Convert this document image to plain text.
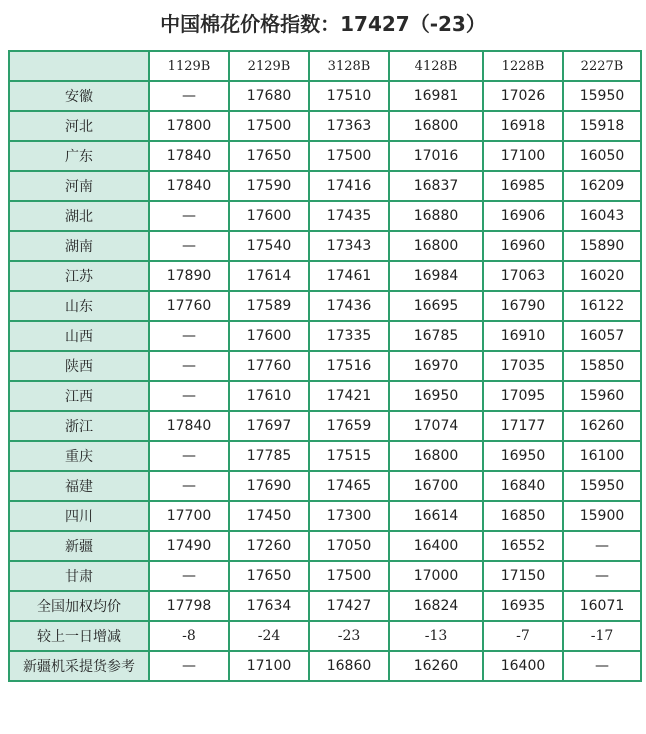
中国棉花价格指数：17427（-23）
	1129B	2129B	3128B	4128B	1228B	2227B
安徽	—	17680	17510	16981	17026	15950
河北	17800	17500	17363	16800	16918	15918
广东	17840	17650	17500	17016	17100	16050
河南	17840	17590	17416	16837	16985	16209
湖北	—	17600	17435	16880	16906	16043
湖南	—	17540	17343	16800	16960	15890
江苏	17890	17614	17461	16984	17063	16020
山东	17760	17589	17436	16695	16790	16122
山西	—	17600	17335	16785	16910	16057
陕西	—	17760	17516	16970	17035	15850
江西	—	17610	17421	16950	17095	15960
浙江	17840	17697	17659	17074	17177	16260
重庆	—	17785	17515	16800	16950	16100
福建	—	17690	17465	16700	16840	15950
四川	17700	17450	17300	16614	16850	15900
新疆	17490	17260	17050	16400	16552	—
甘肃	—	17650	17500	17000	17150	—
全国加权均价	17798	17634	17427	16824	16935	16071
较上一日增减	-8	-24	-23	-13	-7	-17
新疆机采提货参考	—	17100	16860	16260	16400	—
